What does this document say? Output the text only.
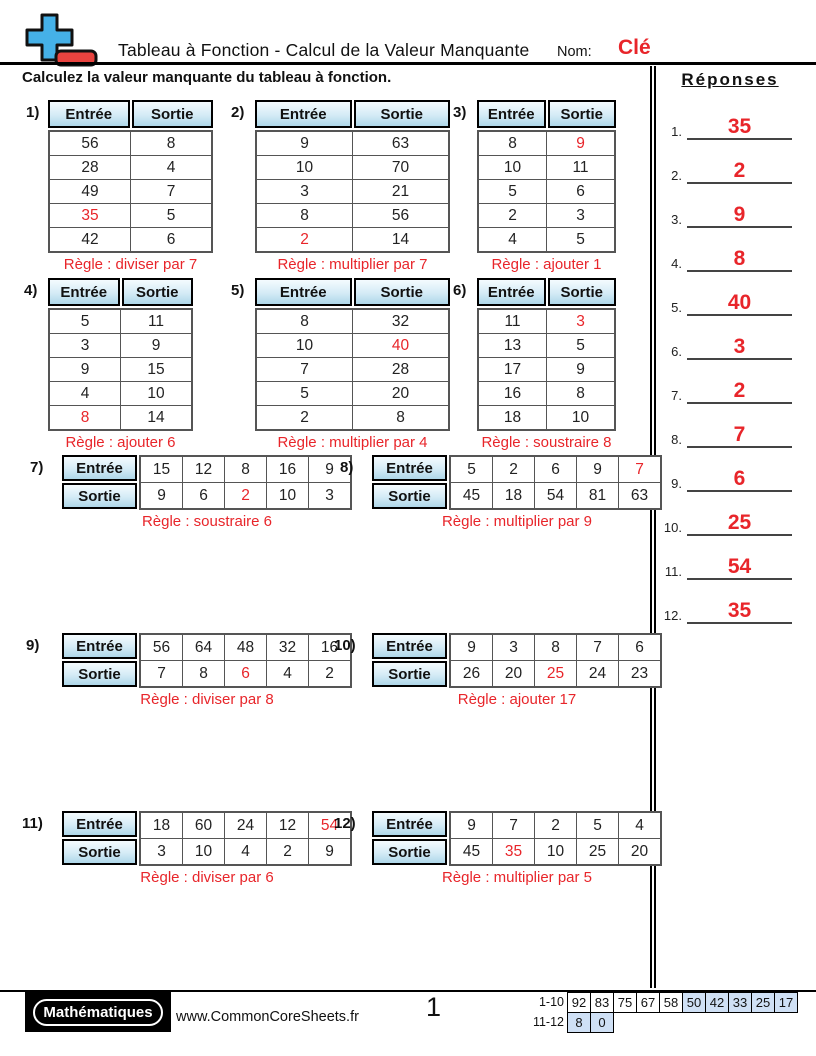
Tableau à Fonction - Calcul de la Valeur Manquante Nom: Clé
Calculez la valeur manquante du tableau à fonction.	Réponses
1.	35
2.	2
3.	9
4.	8
5.	40
6.	3
7.	2
8.	7
9.	6
10.	25
11.	54
12.	35
1)	Entrée	Sortie
56	8
28	4
49	7
35	5
42	6
Règle : diviser par 7
2)	Entrée	Sortie
9	63
10	70
3	21
8	56
2	14
Règle : multiplier par 7
3)	Entrée	Sortie
8	9
10	11
5	6
2	3
4	5
Règle : ajouter 1
4)	Entrée	Sortie
5	11
3	9
9	15
4	10
8	14
Règle : ajouter 6
5)	Entrée	Sortie
8	32
10	40
7	28
5	20
2	8
Règle : multiplier par 4
6)	Entrée	Sortie
11	3
13	5
17	9
16	8
18	10
Règle : soustraire 8
7)	Entrée
Sortie
15	12	8	16	9
9	6	2	10	3
Règle : soustraire 6
8)	Entrée
Sortie
5	2	6	9	7
45	18	54	81	63
Règle : multiplier par 9
9)	Entrée
Sortie
56	64	48	32	16
7	8	6	4	2
Règle : diviser par 8
10)	Entrée
Sortie
9	3	8	7	6
26	20	25	24	23
Règle : ajouter 17
11)	Entrée
Sortie
18	60	24	12	54
3	10	4	2	9
Règle : diviser par 6
12)	Entrée
Sortie
9	7	2	5	4
45	35	10	25	20
Règle : multiplier par 5
Mathématiques	www.CommonCoreSheets.fr 1	1-10 92 83 75 67 58 50 42 33 25 17
11-12 8	0
